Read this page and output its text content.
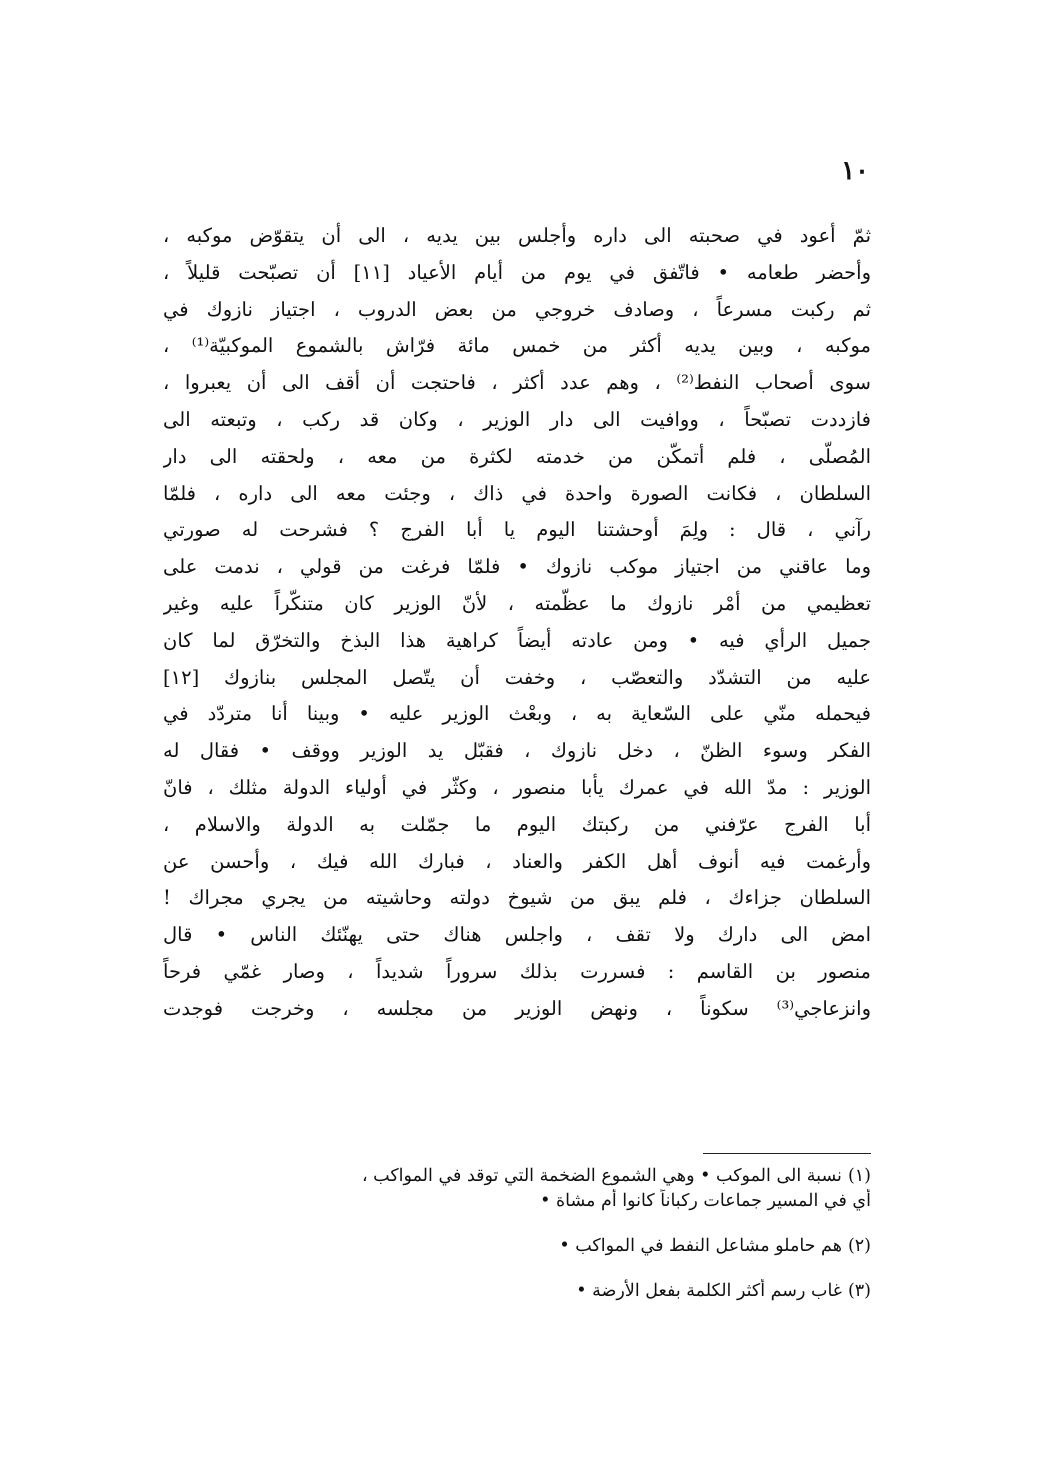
١٠
ثمّ أعود في صحبته الى داره وأجلس بين يديه ، الى أن يتقوّض موكبه ،
وأحضر طعامه • فاتّفق في يوم من أيام الأعياد [١١] أن تصبّحت قليلاً ،
ثم ركبت مسرعاً ، وصادف خروجي من بعض الدروب ، اجتياز نازوك في
موكبه ، وبين يديه أكثر من خمس مائة فرّاش بالشموع الموكبيّة⁽¹⁾ ،
سوى أصحاب النفط⁽²⁾ ، وهم عدد أكثر ، فاحتجت أن أقف الى أن يعبروا ،
فازددت تصبّحاً ، ووافيت الى دار الوزير ، وكان قد ركب ، وتبعته الى
المُصلّى ، فلم أتمكّن من خدمته لكثرة من معه ، ولحقته الى دار
السلطان ، فكانت الصورة واحدة في ذاك ، وجئت معه الى داره ، فلمّا
رآني ، قال : ولِمَ أوحشتنا اليوم يا أبا الفرج ؟ فشرحت له صورتي
وما عاقني من اجتياز موكب نازوك • فلمّا فرغت من قولي ، ندمت على
تعظيمي من أمْر نازوك ما عظّمته ، لأنّ الوزير كان متنكّراً عليه وغير
جميل الرأي فيه • ومن عادته أيضاً كراهية هذا البذخ والتخرّق لما كان
عليه من التشدّد والتعصّب ، وخفت أن يتّصل المجلس بنازوك [١٢]
فيحمله منّي على السّعاية به ، وبعْث الوزير عليه • وبينا أنا متردّد في
الفكر وسوء الظنّ ، دخل نازوك ، فقبّل يد الوزير ووقف • فقال له
الوزير : مدّ الله في عمرك يأبا منصور ، وكثّر في أولياء الدولة مثلك ، فانّ
أبا الفرج عرّفني من ركبتك اليوم ما جمّلت به الدولة والاسلام ،
وأرغمت فيه أنوف أهل الكفر والعناد ، فبارك الله فيك ، وأحسن عن
السلطان جزاءك ، فلم يبق من شيوخ دولته وحاشيته من يجري مجراك !
امض الى دارك ولا تقف ، واجلس هناك حتى يهنّئك الناس • قال
منصور بن القاسم : فسررت بذلك سروراً شديداً ، وصار غمّي فرحاً
وانزعاجي⁽³⁾ سكوناً ، ونهض الوزير من مجلسه ، وخرجت فوجدت
(١)نسبة الى الموكب • وهي الشموع الضخمة التي توقد في المواكب ،
أي في المسير جماعات ركباناً كانوا أم مشاة •
(٢)هم حاملو مشاعل النفط في المواكب •
(٣)غاب رسم أكثر الكلمة بفعل الأرضة •
